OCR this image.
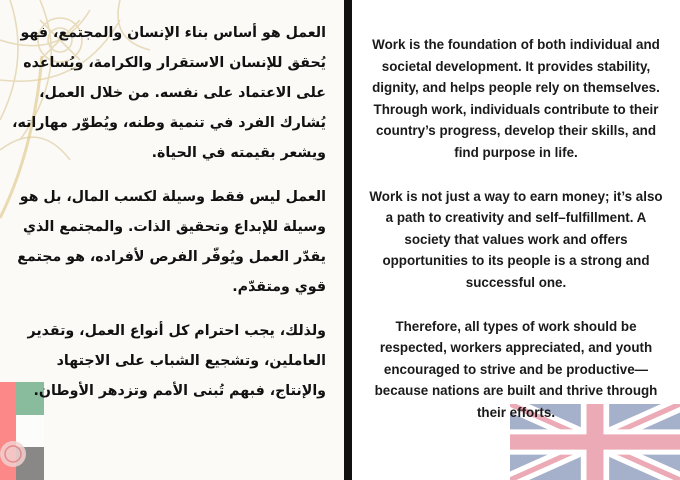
العمل هو أساس بناء الإنسان والمجتمع، فهو يُحقق للإنسان الاستقرار والكرامة، ويُساعده على الاعتماد على نفسه. من خلال العمل، يُشارك الفرد في تنمية وطنه، ويُطوّر مهاراته، ويشعر بقيمته في الحياة.

العمل ليس فقط وسيلة لكسب المال، بل هو وسيلة للإبداع وتحقيق الذات. والمجتمع الذي يقدّر العمل ويُوفّر الفرص لأفراده، هو مجتمع قوي ومتقدّم.

ولذلك، يجب احترام كل أنواع العمل، وتقدير العاملين، وتشجيع الشباب على الاجتهاد والإنتاج، فبهم تُبنى الأمم وتزدهر الأوطان.

Work is the foundation of both individual and societal development. It provides stability, dignity, and helps people rely on themselves. Through work, individuals contribute to their country’s progress, develop their skills, and find purpose in life.

Work is not just a way to earn money; it’s also a path to creativity and self–fulfillment. A society that values work and offers opportunities to its people is a strong and successful one.

Therefore, all types of work should be respected, workers appreciated, and youth encouraged to strive and be productive—because nations are built and thrive through their efforts.
